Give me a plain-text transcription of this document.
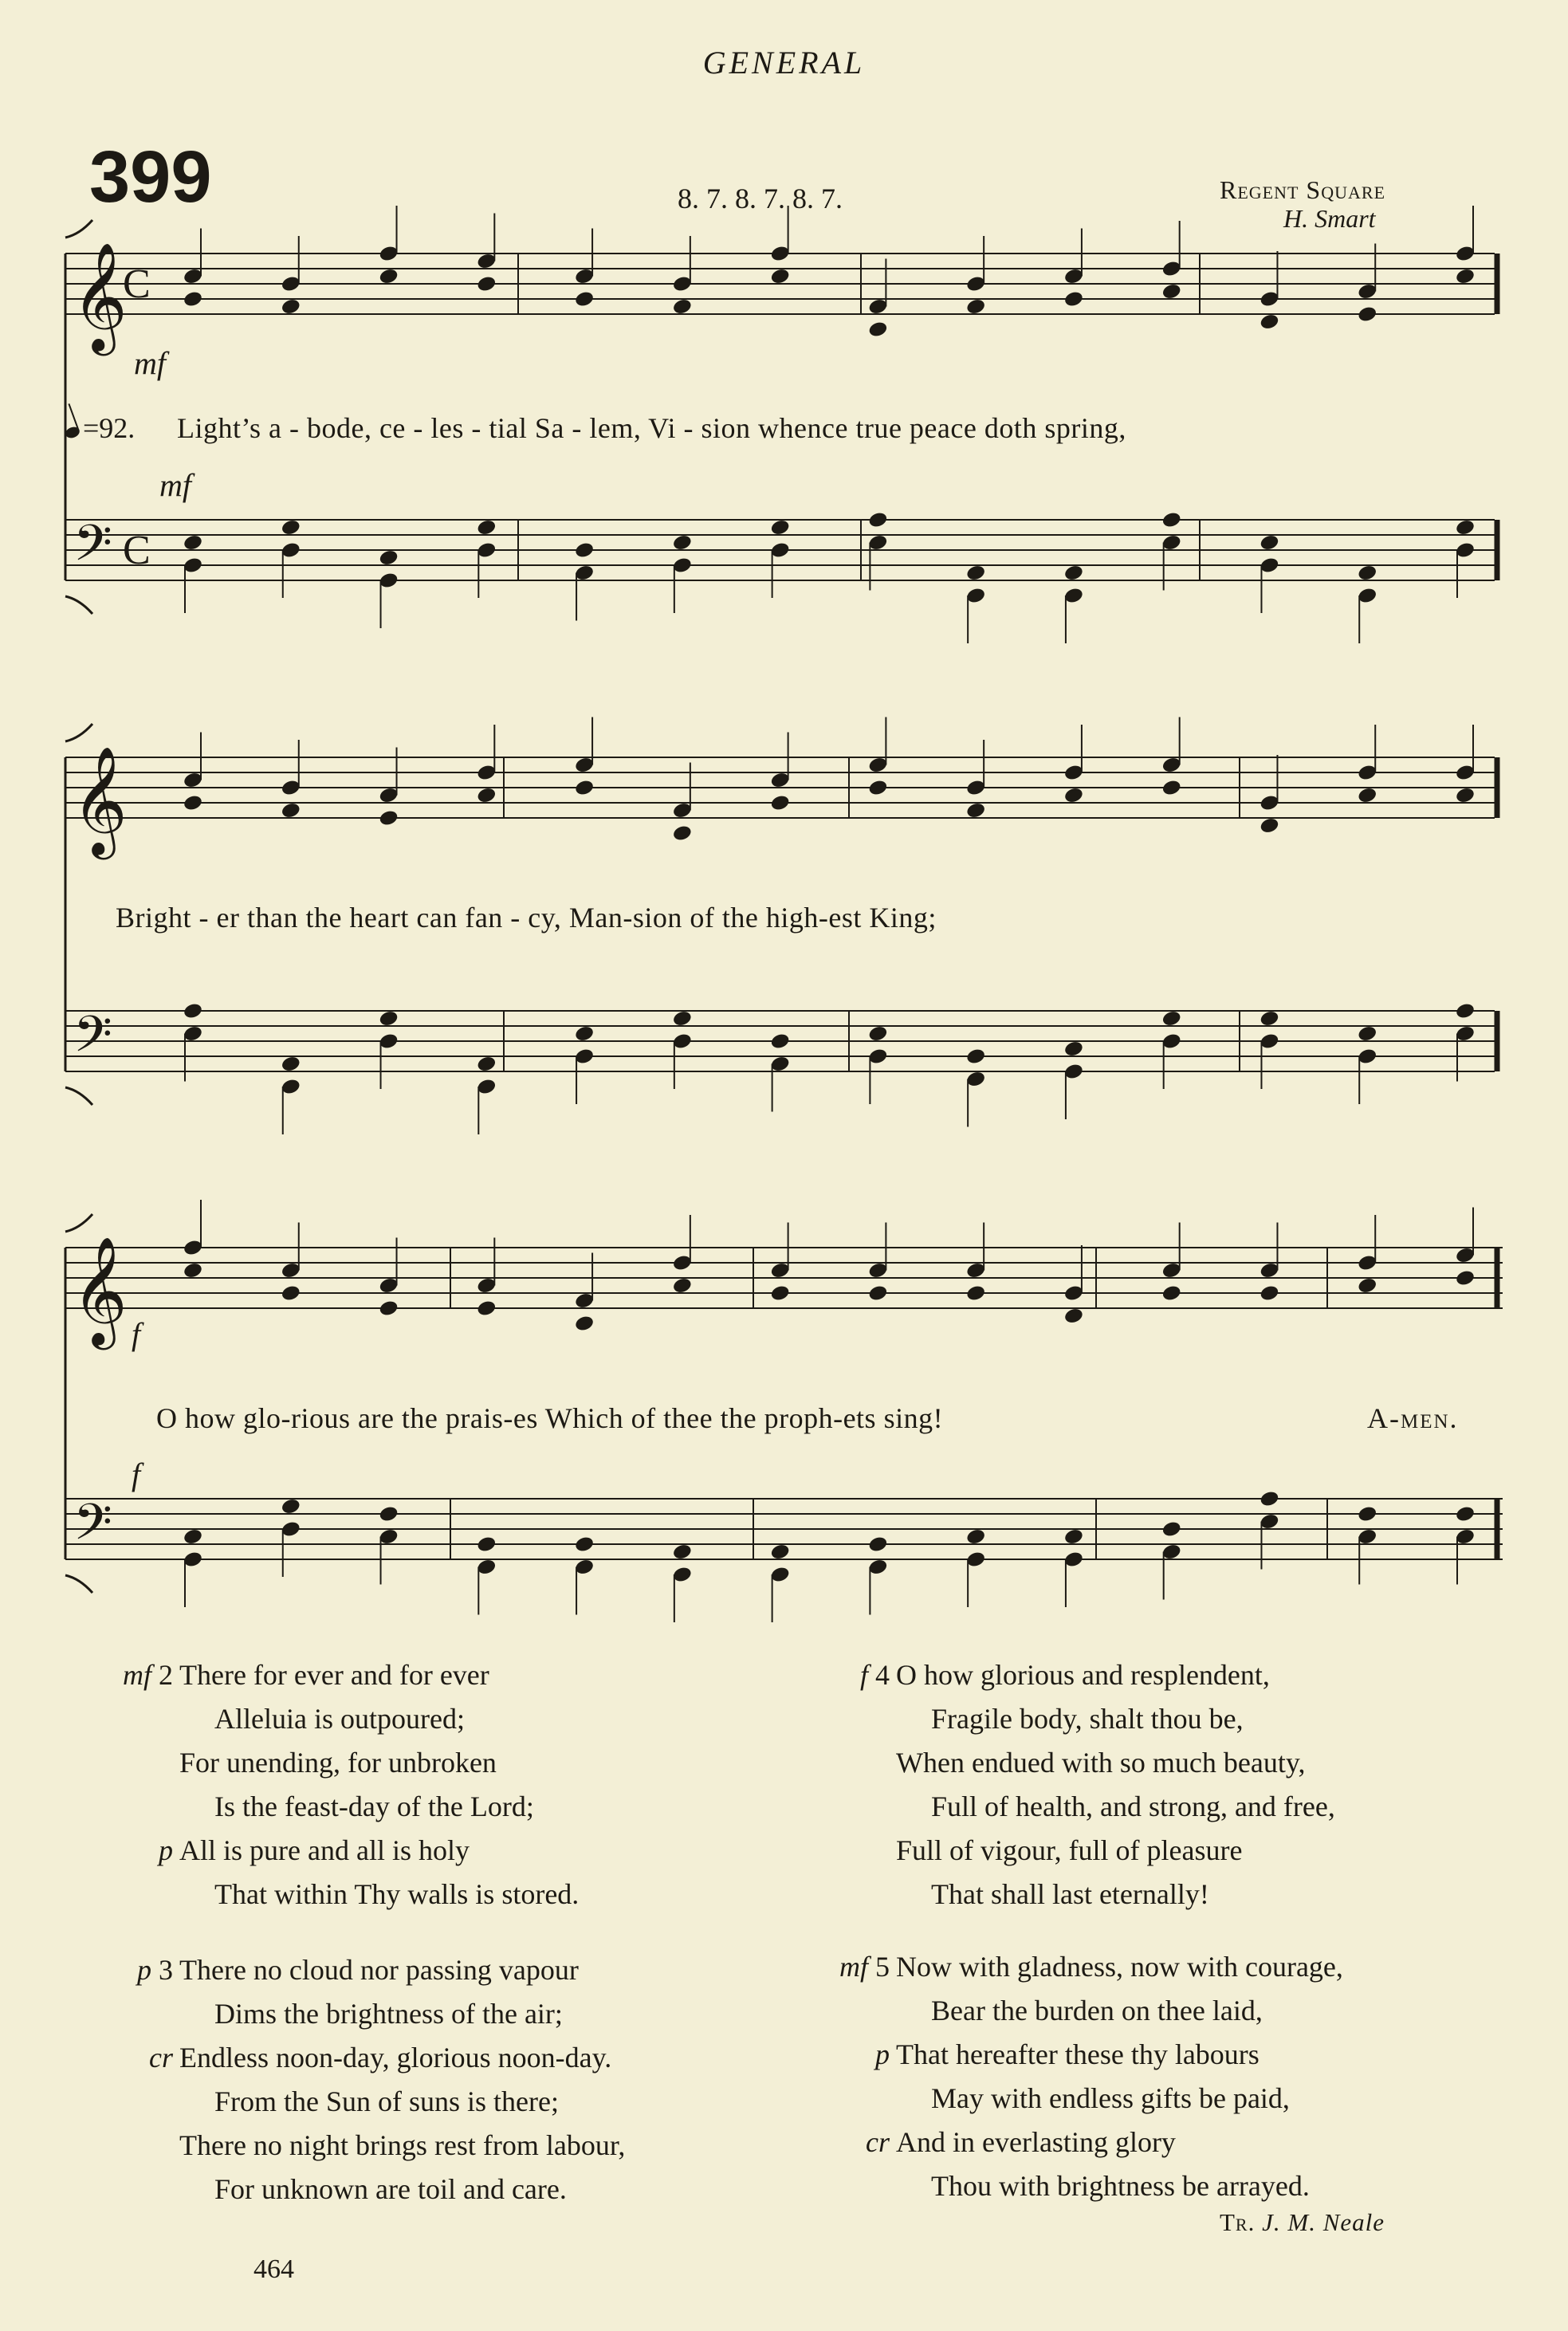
GENERAL
399	8. 7. 8. 7. 8. 7.	Regent Square
H. Smart
𝄞
C
𝄢 C
𝄞
𝄢
𝄞
𝄢
mf
mf
f
f
=92. Light’s a - bode, ce - les - tial Sa - lem, Vi - sion whence true peace doth spring,
Bright - er than the heart can fan - cy, Man-sion of the high-est King;
O how glo-rious are the prais-es Which of thee the proph-ets sing!	A-men.
mf 2 There for ever and for ever
Alleluia is outpoured;
For unending, for unbroken
Is the feast-day of the Lord;
p All is pure and all is holy
That within Thy walls is stored.
p 3 There no cloud nor passing vapour
Dims the brightness of the air;
cr Endless noon-day, glorious noon-day.
From the Sun of suns is there;
There no night brings rest from labour,
For unknown are toil and care.
f 4 O how glorious and resplendent,
Fragile body, shalt thou be,
When endued with so much beauty,
Full of health, and strong, and free,
Full of vigour, full of pleasure
That shall last eternally!
mf 5 Now with gladness, now with courage,
Bear the burden on thee laid,
p That hereafter these thy labours
May with endless gifts be paid,
cr And in everlasting glory
Thou with brightness be arrayed.
Tr. J. M. Neale
464
